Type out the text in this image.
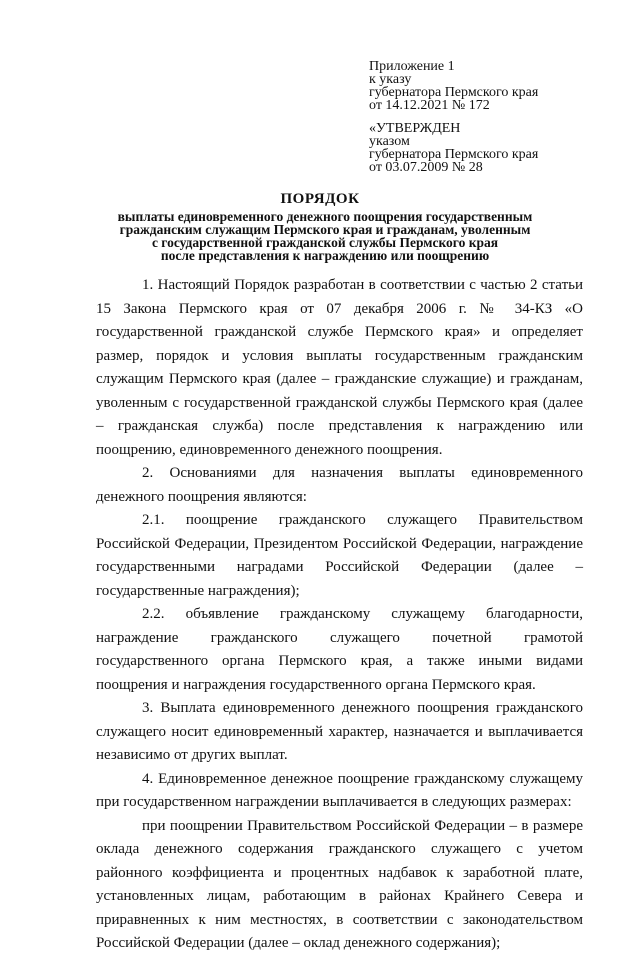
Приложение 1
к указу
губернатора Пермского края
от 14.12.2021 № 172
«УТВЕРЖДЕН
указом
губернатора Пермского края
от 03.07.2009 № 28
ПОРЯДОК
выплаты единовременного денежного поощрения государственным
гражданским служащим Пермского края и гражданам, уволенным
с государственной гражданской службы Пермского края
после представления к награждению или поощрению

1. Настоящий Порядок разработан в соответствии с частью 2 статьи 15 Закона Пермского края от 07 декабря 2006 г. № 34-КЗ «О государственной гражданской службе Пермского края» и определяет размер, порядок и условия выплаты государственным гражданским служащим Пермского края (далее – гражданские служащие) и гражданам, уволенным с государственной гражданской службы Пермского края (далее – гражданская служба) после представления к награждению или поощрению, единовременного денежного поощрения.

2. Основаниями для назначения выплаты единовременного денежного поощрения являются:

2.1. поощрение гражданского служащего Правительством Российской Федерации, Президентом Российской Федерации, награждение государственными наградами Российской Федерации (далее – государственные награждения);

2.2. объявление гражданскому служащему благодарности, награждение гражданского служащего почетной грамотой государственного органа Пермского края, а также иными видами поощрения и награждения государственного органа Пермского края.

3. Выплата единовременного денежного поощрения гражданского служащего носит единовременный характер, назначается и выплачивается независимо от других выплат.

4. Единовременное денежное поощрение гражданскому служащему при государственном награждении выплачивается в следующих размерах:

при поощрении Правительством Российской Федерации – в размере оклада денежного содержания гражданского служащего с учетом районного коэффициента и процентных надбавок к заработной плате, установленных лицам, работающим в районах Крайнего Севера и приравненных к ним местностях, в соответствии с законодательством Российской Федерации (далее – оклад денежного содержания);
